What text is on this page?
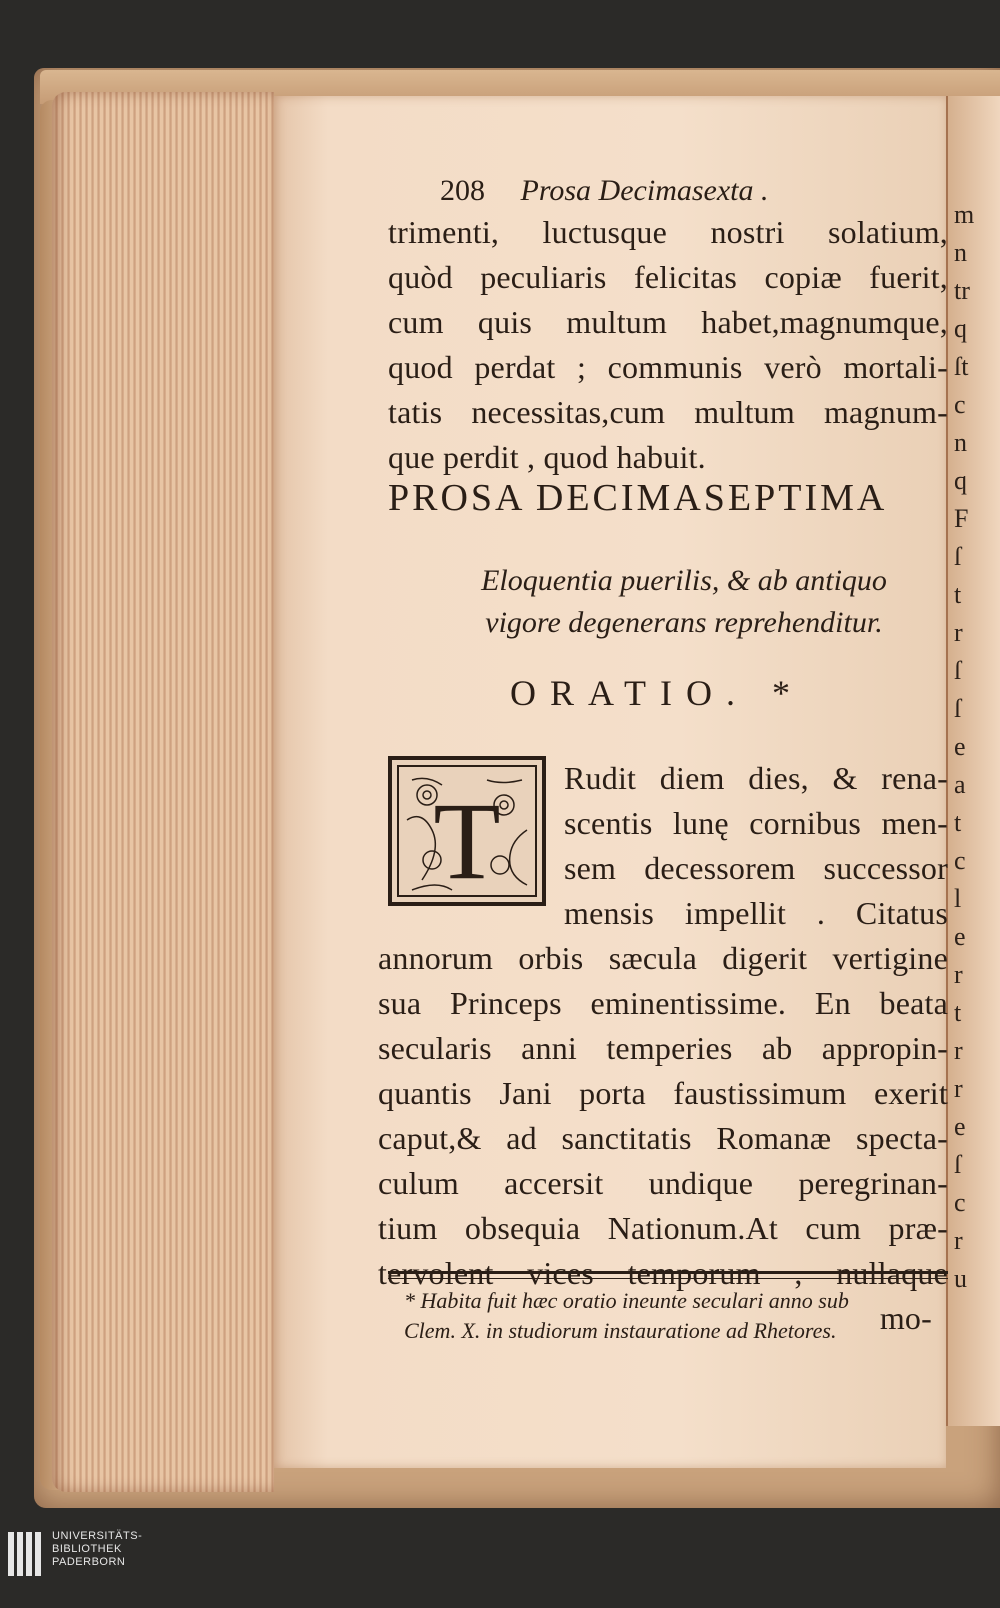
m
n
tr
q
ſt
c
n
q
F
ſ
t
r
ſ
ſ
e
a
t
c
l
e
r
t
r
r
e
ſ
c
r
u
208 Prosa Decimasexta .
trimenti, luctusque nostri solatium,
quòd peculiaris felicitas copiæ fuerit,
cum quis multum habet,magnumque,
quod perdat ; communis verò mortali-
tatis necessitas,cum multum magnum-
que perdit , quod habuit.
PROSA DECIMASEPTIMA
Eloquentia puerilis, & ab antiquo
vigore degenerans reprehenditur.
ORATIO. *
T
Rudit diem dies, & rena-
scentis lunę cornibus men-
sem decessorem successor
mensis impellit . Citatus
annorum orbis sæcula digerit vertigine
sua Princeps eminentissime. En beata
secularis anni temperies ab appropin-
quantis Jani porta faustissimum exerit
caput,& ad sanctitatis Romanæ specta-
culum accersit undique peregrinan-
tium obsequia Nationum.At cum præ-
tervolent vices temporum , nullaque
mo-
* Habita fuit hæc oratio ineunte seculari anno sub
Clem. X. in studiorum instauratione ad Rhetores.
UNIVERSITÄTS-
BIBLIOTHEK
PADERBORN
